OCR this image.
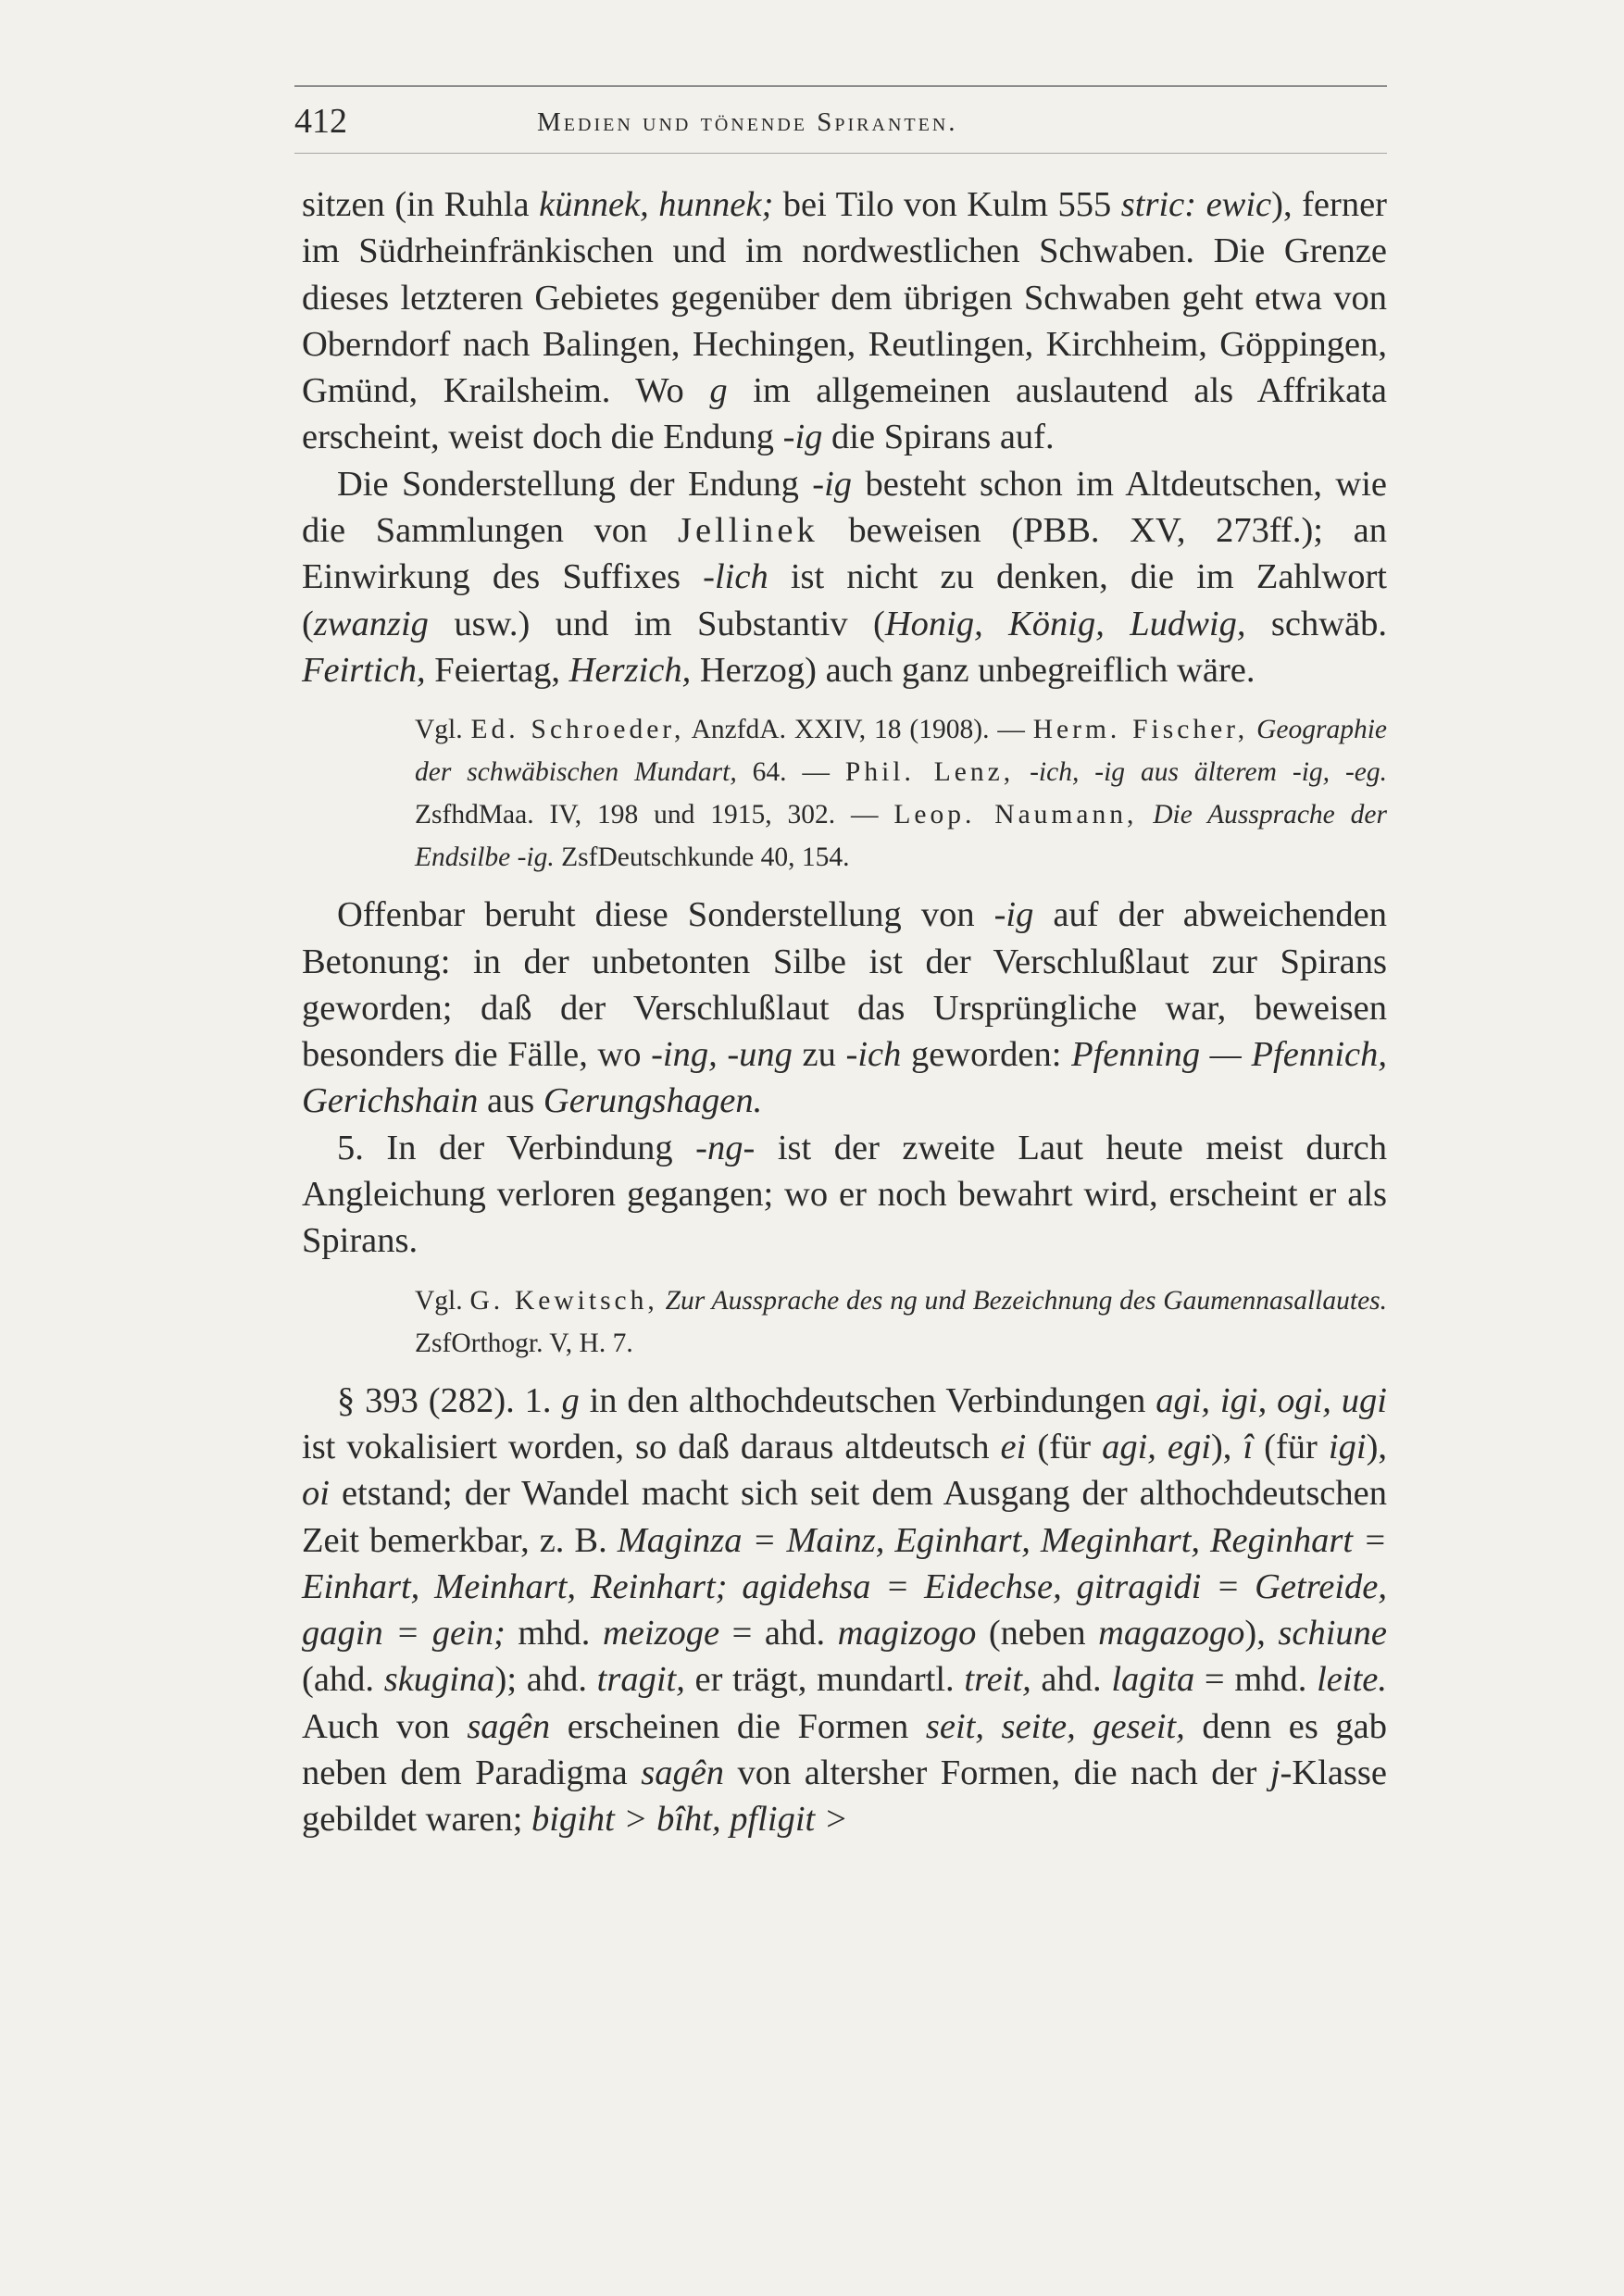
412	Medien und tönende Spiranten.

sitzen (in Ruhla künnek, hunnek; bei Tilo von Kulm 555 stric: ewic), ferner im Südrheinfränkischen und im nordwestlichen Schwaben. Die Grenze dieses letzteren Gebietes gegenüber dem übrigen Schwaben geht etwa von Oberndorf nach Balingen, Hechingen, Reutlingen, Kirchheim, Göppingen, Gmünd, Krailsheim. Wo g im allgemeinen auslautend als Affrikata erscheint, weist doch die Endung -ig die Spirans auf.

Die Sonderstellung der Endung -ig besteht schon im Altdeutschen, wie die Sammlungen von Jellinek beweisen (PBB. XV, 273ff.); an Einwirkung des Suffixes -lich ist nicht zu denken, die im Zahlwort (zwanzig usw.) und im Substantiv (Honig, König, Ludwig, schwäb. Feirtich, Feiertag, Herzich, Herzog) auch ganz unbegreiflich wäre.

Vgl. Ed. Schroeder, AnzfdA. XXIV, 18 (1908). — Herm. Fischer, Geographie der schwäbischen Mundart, 64. — Phil. Lenz, -ich, -ig aus älterem -ig, -eg. ZsfhdMaa. IV, 198 und 1915, 302. — Leop. Naumann, Die Aussprache der Endsilbe -ig. ZsfDeutschkunde 40, 154.

Offenbar beruht diese Sonderstellung von -ig auf der abweichenden Betonung: in der unbetonten Silbe ist der Verschlußlaut zur Spirans geworden; daß der Verschlußlaut das Ursprüngliche war, beweisen besonders die Fälle, wo -ing, -ung zu -ich geworden: Pfenning — Pfennich, Gerichshain aus Gerungshagen.

5. In der Verbindung -ng- ist der zweite Laut heute meist durch Angleichung verloren gegangen; wo er noch bewahrt wird, erscheint er als Spirans.

Vgl. G. Kewitsch, Zur Aussprache des ng und Bezeichnung des Gaumennasallautes. ZsfOrthogr. V, H. 7.

§ 393 (282). 1. g in den althochdeutschen Verbindungen agi, igi, ogi, ugi ist vokalisiert worden, so daß daraus altdeutsch ei (für agi, egi), î (für igi), oi etstand; der Wandel macht sich seit dem Ausgang der althochdeutschen Zeit bemerkbar, z. B. Maginza = Mainz, Eginhart, Meginhart, Reginhart = Einhart, Meinhart, Reinhart; agidehsa = Eidechse, gitragidi = Getreide, gagin = gein; mhd. meizoge = ahd. magizogo (neben magazogo), schiune (ahd. skugina); ahd. tragit, er trägt, mundartl. treit, ahd. lagita = mhd. leite. Auch von sagên erscheinen die Formen seit, seite, geseit, denn es gab neben dem Paradigma sagên von altersher Formen, die nach der j-Klasse gebildet waren; bigiht > bîht, pfligit >
